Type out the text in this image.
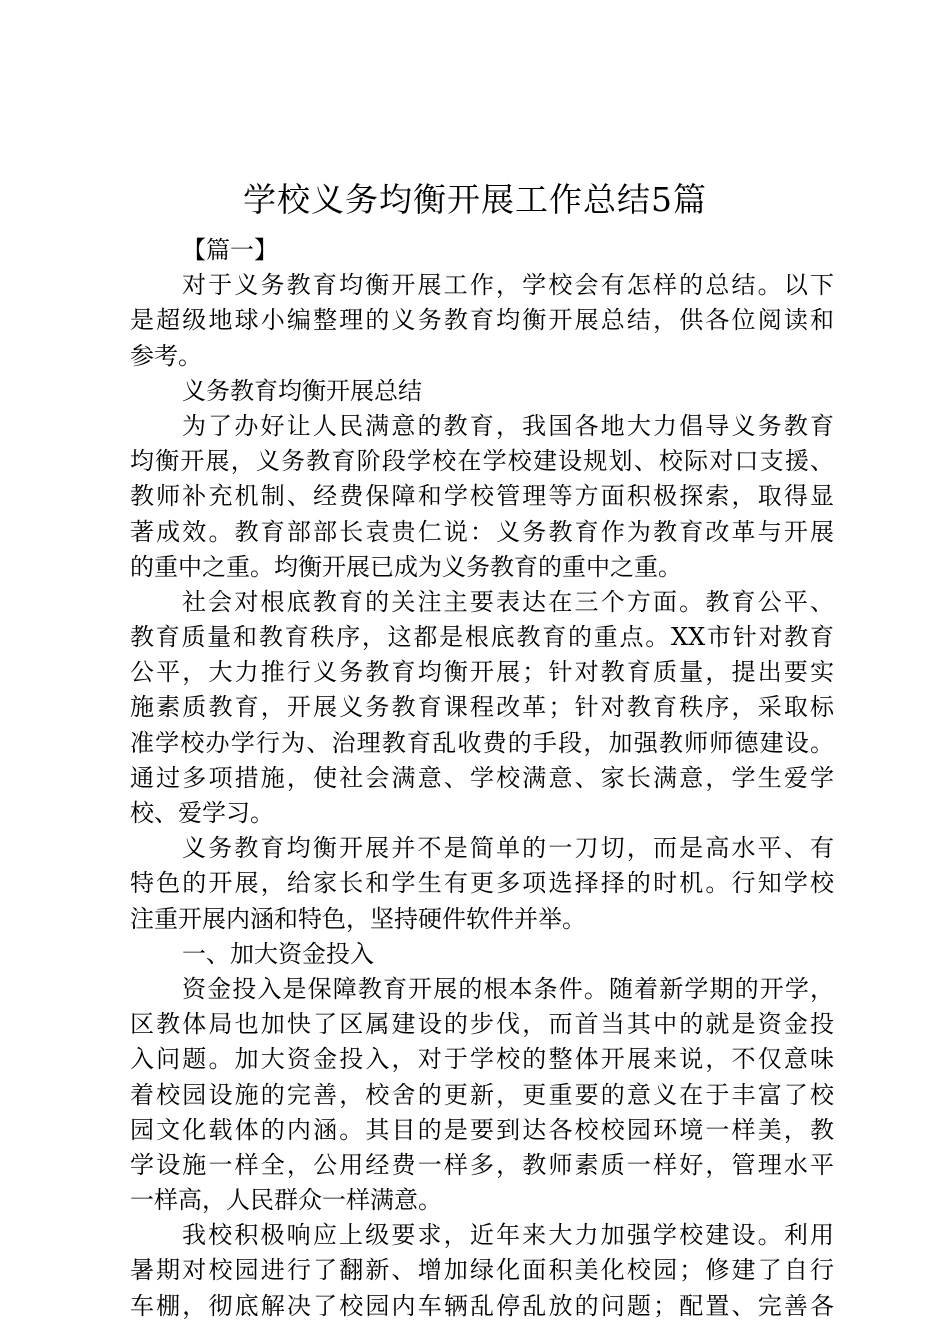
学校义务均衡开展工作总结5篇
【篇一】
对于义务教育均衡开展工作，学校会有怎样的总结。以下
是超级地球小编整理的义务教育均衡开展总结，供各位阅读和
参考。
义务教育均衡开展总结
为了办好让人民满意的教育，我国各地大力倡导义务教育
均衡开展，义务教育阶段学校在学校建设规划、校际对口支援、
教师补充机制、经费保障和学校管理等方面积极探索，取得显
著成效。教育部部长袁贵仁说：义务教育作为教育改革与开展
的重中之重。均衡开展已成为义务教育的重中之重。
社会对根底教育的关注主要表达在三个方面。教育公平、
教育质量和教育秩序，这都是根底教育的重点。XX市针对教育
公平，大力推行义务教育均衡开展；针对教育质量，提出要实
施素质教育，开展义务教育课程改革；针对教育秩序，采取标
准学校办学行为、治理教育乱收费的手段，加强教师师德建设。
通过多项措施，使社会满意、学校满意、家长满意，学生爱学
校、爱学习。
义务教育均衡开展并不是简单的一刀切，而是高水平、有
特色的开展，给家长和学生有更多项选择择的时机。行知学校
注重开展内涵和特色，坚持硬件软件并举。
一、加大资金投入
资金投入是保障教育开展的根本条件。随着新学期的开学，
区教体局也加快了区属建设的步伐，而首当其中的就是资金投
入问题。加大资金投入，对于学校的整体开展来说，不仅意味
着校园设施的完善，校舍的更新，更重要的意义在于丰富了校
园文化载体的内涵。其目的是要到达各校校园环境一样美，教
学设施一样全，公用经费一样多，教师素质一样好，管理水平
一样高，人民群众一样满意。
我校积极响应上级要求，近年来大力加强学校建设。利用
暑期对校园进行了翻新、增加绿化面积美化校园；修建了自行
车棚，彻底解决了校园内车辆乱停乱放的问题；配置、完善各
